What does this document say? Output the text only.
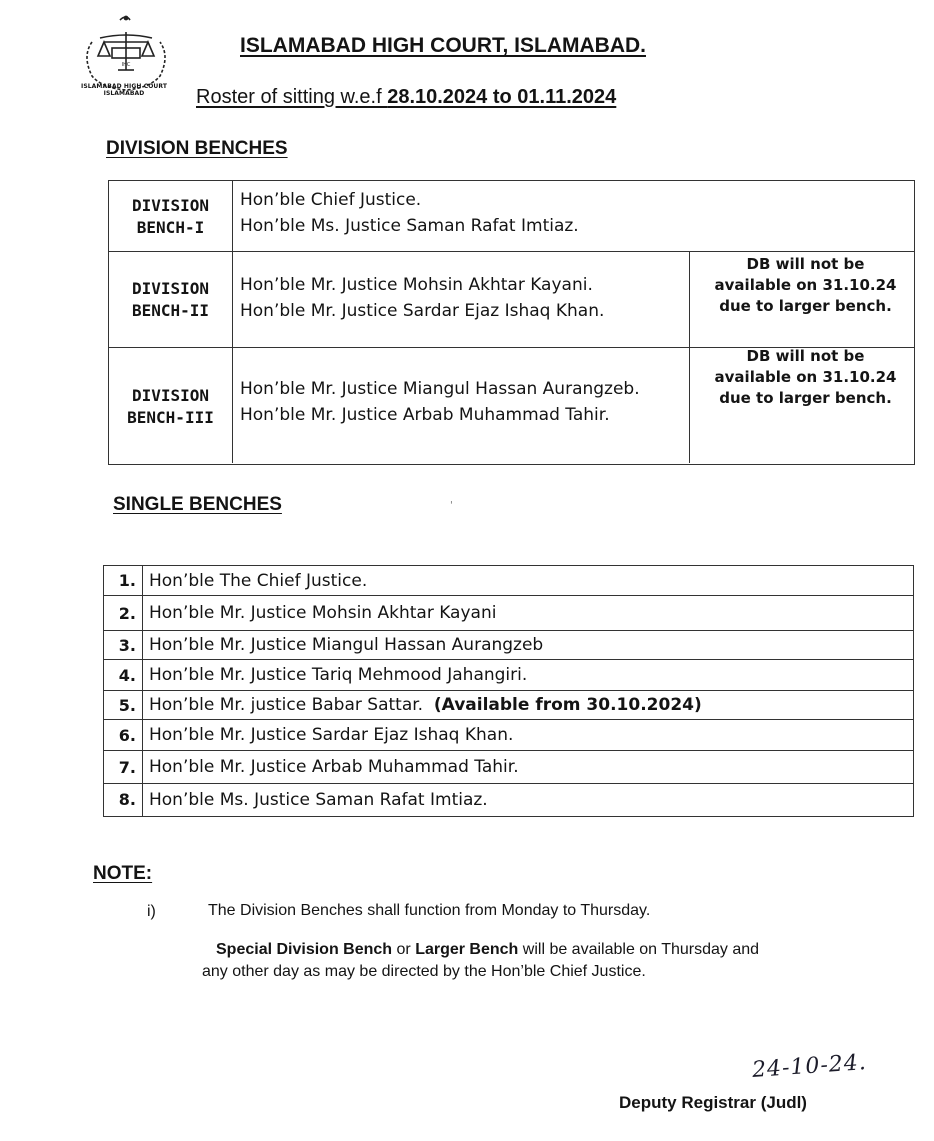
IHC
ISLAMABAD HIGH COURT
ISLAMABAD
ISLAMABAD HIGH COURT, ISLAMABAD.
Roster of sitting w.e.f 28.10.2024 to 01.11.2024
DIVISION BENCHES
DIVISION
BENCH-I
Hon’ble Chief Justice.
Hon’ble Ms. Justice Saman Rafat Imtiaz.
DIVISION
BENCH-II
Hon’ble Mr. Justice Mohsin Akhtar Kayani.
Hon’ble Mr. Justice Sardar Ejaz Ishaq Khan.
DB will not be
available on 31.10.24
due to larger bench.
DIVISION
BENCH-III
Hon’ble Mr. Justice Miangul Hassan Aurangzeb.
Hon’ble Mr. Justice Arbab Muhammad Tahir.
DB will not be
available on 31.10.24
due to larger bench.
SINGLE BENCHES	'
1. Hon’ble The Chief Justice.
2. Hon’ble Mr. Justice Mohsin Akhtar Kayani
3. Hon’ble Mr. Justice Miangul Hassan Aurangzeb
4. Hon’ble Mr. Justice Tariq Mehmood Jahangiri.
5. Hon’ble Mr. justice Babar Sattar. (Available from 30.10.2024)
6. Hon’ble Mr. Justice Sardar Ejaz Ishaq Khan.
7. Hon’ble Mr. Justice Arbab Muhammad Tahir.
8. Hon’ble Ms. Justice Saman Rafat Imtiaz.
NOTE:
i)	The Division Benches shall function from Monday to Thursday.
Special Division Bench or Larger Bench will be available on Thursday and
any other day as may be directed by the Hon’ble Chief Justice.
24-10-24.
Deputy Registrar (Judl)
